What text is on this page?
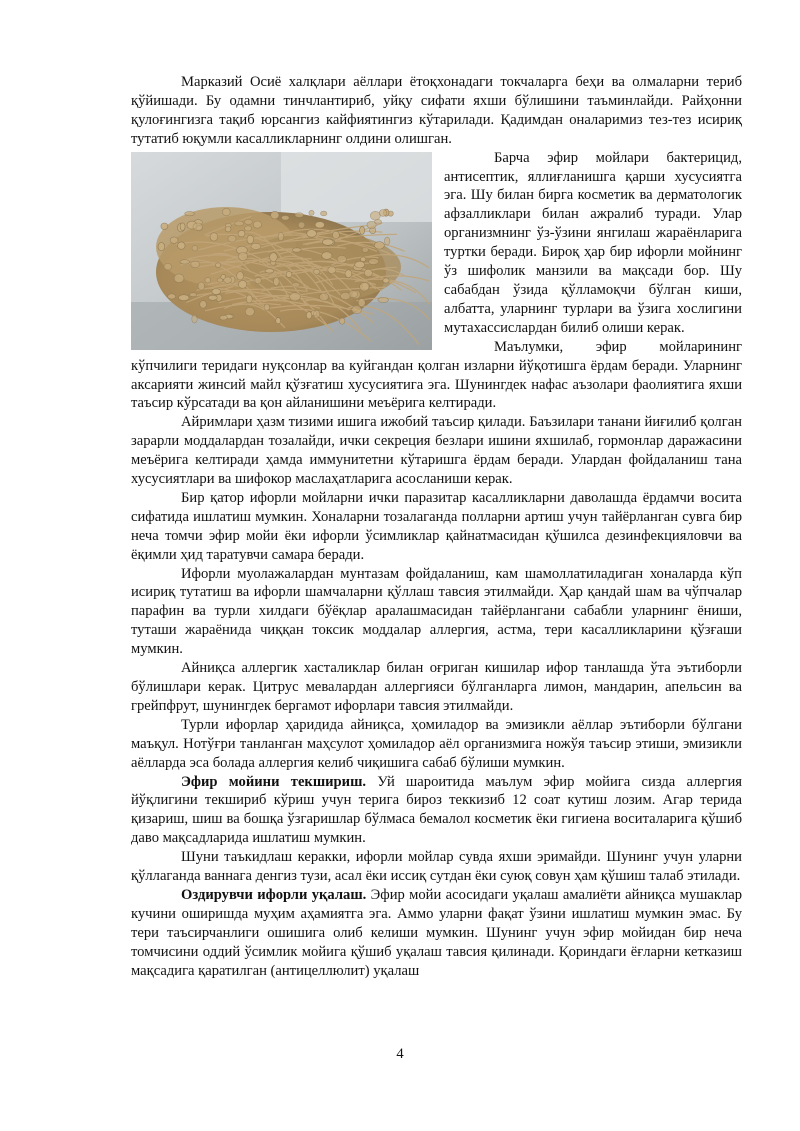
Марказий Осиё халқлари аёллари ётоқхонадаги токчаларга беҳи ва олмаларни териб қўйишади. Бу одамни тинчлантириб, уйқу сифати яхши бўлишини таъминлайди. Райҳонни қулоғингизга тақиб юрсангиз кайфиятингиз кўтарилади. Қадимдан оналаримиз тез-тез исириқ тутатиб юқумли касалликларнинг олдини олишган.

Барча эфир мойлари бактерицид, антисептик, яллиғланишга қарши хусусиятга эга. Шу билан бирга косметик ва дерматологик афзалликлари билан ажралиб туради. Улар организмнинг ўз-ўзини янгилаш жараёнларига туртки беради. Бироқ ҳар бир ифорли мойнинг ўз шифолик манзили ва мақсади бор. Шу сабабдан ўзида қўлламоқчи бўлган киши, албатта, уларнинг турлари ва ўзига хослигини мутахассислардан билиб олиши керак.

Маълумки, эфир мойларининг кўпчилиги теридаги нуқсонлар ва куйгандан қолган изларни йўқотишга ёрдам беради. Уларнинг аксарияти жинсий майл қўзғатиш хусусиятига эга. Шунингдек нафас аъзолари фаолиятига яхши таъсир кўрсатади ва қон айланишини меъёрига келтиради.

Айримлари ҳазм тизими ишига ижобий таъсир қилади. Баъзилари танани йиғилиб қолган зарарли моддалардан тозалайди, ички секреция безлари ишини яхшилаб, гормонлар даражасини меъёрига келтиради ҳамда иммунитетни кўтаришга ёрдам беради. Улардан фойдаланиш тана хусусиятлари ва шифокор маслаҳатларига асосланиши керак.

Бир қатор ифорли мойларни ички паразитар касалликларни даволашда ёрдамчи восита сифатида ишлатиш мумкин. Хоналарни тозалаганда полларни артиш учун тайёрланган сувга бир неча томчи эфир мойи ёки ифорли ўсимликлар қайнатмасидан қўшилса дезинфекцияловчи ва ёқимли ҳид таратувчи самара беради.

Ифорли муолажалардан мунтазам фойдаланиш, кам шамоллатиладиган хоналарда кўп исириқ тутатиш ва ифорли шамчаларни қўллаш тавсия этилмайди. Ҳар қандай шам ва чўпчалар парафин ва турли хилдаги бўёқлар аралашмасидан тайёрлангани сабабли уларнинг ёниши, туташи жараёнида чиққан токсик моддалар аллергия, астма, тери касалликларини қўзғаши мумкин.

Айниқса аллергик хасталиклар билан оғриган кишилар ифор танлашда ўта эътиборли бўлишлари керак. Цитрус мевалардан аллергияси бўлганларга лимон, мандарин, апельсин ва грейпфрут, шунингдек бергамот ифорлари тавсия этилмайди.

Турли ифорлар ҳаридида айниқса, ҳомиладор ва эмизикли аёллар эътиборли бўлгани маъқул. Нотўғри танланган маҳсулот ҳомиладор аёл организмига ножўя таъсир этиши, эмизикли аёлларда эса болада аллергия келиб чиқишига сабаб бўлиши мумкин.

Эфир мойини текшириш. Уй шароитида маълум эфир мойига сизда аллергия йўқлигини текшириб кўриш учун терига бироз теккизиб 12 соат кутиш лозим. Агар терида қизариш, шиш ва бошқа ўзгаришлар бўлмаса бемалол косметик ёки гигиена воситаларига қўшиб даво мақсадларида ишлатиш мумкин.

Шуни таъкидлаш керакки, ифорли мойлар сувда яхши эримайди. Шунинг учун уларни қўллаганда ваннага денгиз тузи, асал ёки иссиқ сутдан ёки суюқ совун ҳам қўшиш талаб этилади.

Оздирувчи ифорли уқалаш. Эфир мойи асосидаги уқалаш амалиёти айниқса мушаклар кучини оширишда муҳим аҳамиятга эга. Аммо уларни фақат ўзини ишлатиш мумкин эмас. Бу тери таъсирчанлиги ошишига олиб келиши мумкин. Шунинг учун эфир мойидан бир неча томчисини оддий ўсимлик мойига қўшиб уқалаш тавсия қилинади. Қориндаги ёғларни кетказиш мақсадига қаратилган (антицеллюлит) уқалаш

4
